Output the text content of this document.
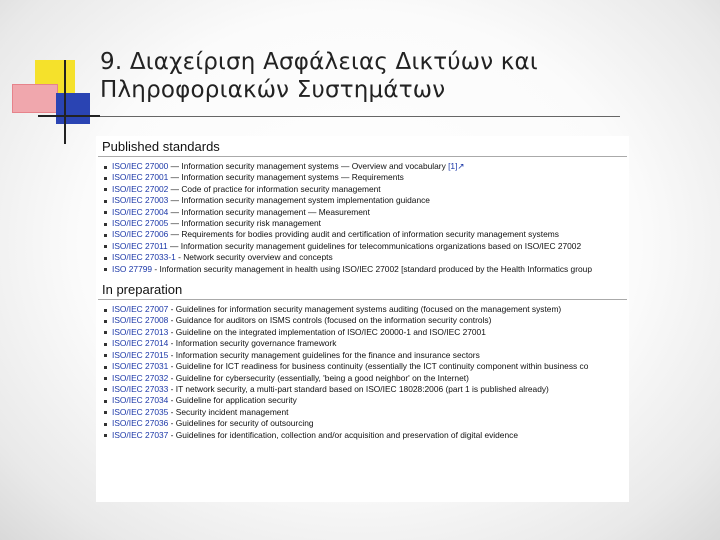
9. Διαχείριση Ασφάλειας Δικτύων και
Πληροφοριακών Συστημάτων
Published standards
ISO/IEC 27000 — Information security management systems — Overview and vocabulary [1]↗
ISO/IEC 27001 — Information security management systems — Requirements
ISO/IEC 27002 — Code of practice for information security management
ISO/IEC 27003 — Information security management system implementation guidance
ISO/IEC 27004 — Information security management — Measurement
ISO/IEC 27005 — Information security risk management
ISO/IEC 27006 — Requirements for bodies providing audit and certification of information security management systems
ISO/IEC 27011 — Information security management guidelines for telecommunications organizations based on ISO/IEC 27002
ISO/IEC 27033-1 - Network security overview and concepts
ISO 27799 - Information security management in health using ISO/IEC 27002 [standard produced by the Health Informatics group
In preparation
ISO/IEC 27007 - Guidelines for information security management systems auditing (focused on the management system)
ISO/IEC 27008 - Guidance for auditors on ISMS controls (focused on the information security controls)
ISO/IEC 27013 - Guideline on the integrated implementation of ISO/IEC 20000-1 and ISO/IEC 27001
ISO/IEC 27014 - Information security governance framework
ISO/IEC 27015 - Information security management guidelines for the finance and insurance sectors
ISO/IEC 27031 - Guideline for ICT readiness for business continuity (essentially the ICT continuity component within business co
ISO/IEC 27032 - Guideline for cybersecurity (essentially, 'being a good neighbor' on the Internet)
ISO/IEC 27033 - IT network security, a multi-part standard based on ISO/IEC 18028:2006 (part 1 is published already)
ISO/IEC 27034 - Guideline for application security
ISO/IEC 27035 - Security incident management
ISO/IEC 27036 - Guidelines for security of outsourcing
ISO/IEC 27037 - Guidelines for identification, collection and/or acquisition and preservation of digital evidence
